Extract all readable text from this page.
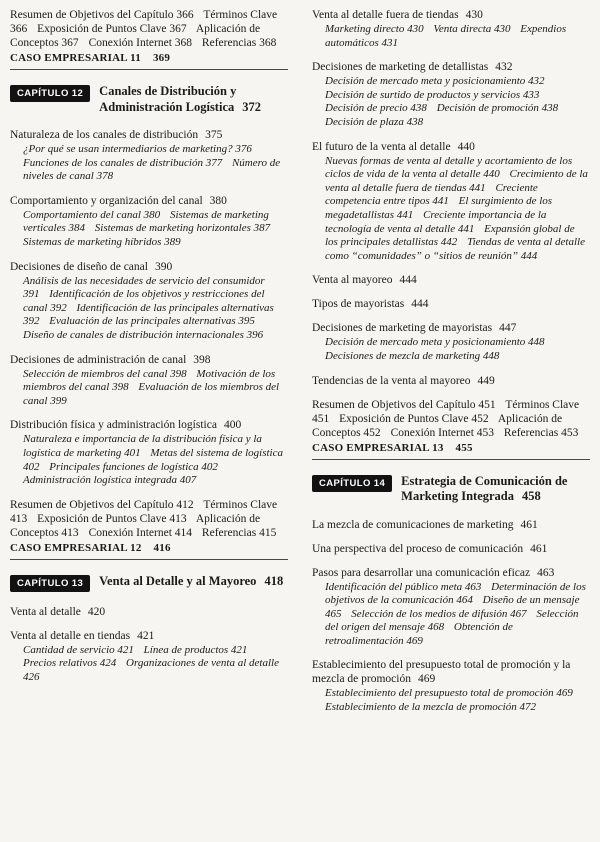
Resumen de Objetivos del Capítulo 366 Términos Clave 366 Exposición de Puntos Clave 367 Aplicación de Conceptos 367 Conexión Internet 368 Referencias 368

CASO EMPRESARIAL 11 369
CAPÍTULO 12	Canales de Distribución y Administración Logística 372
Naturaleza de los canales de distribución 375

¿Por qué se usan intermediarios de marketing? 376 Funciones de los canales de distribución 377 Número de niveles de canal 378

Comportamiento y organización del canal 380

Comportamiento del canal 380 Sistemas de marketing verticales 384 Sistemas de marketing horizontales 387 Sistemas de marketing híbridos 389

Decisiones de diseño de canal 390

Análisis de las necesidades de servicio del consumidor 391 Identificación de los objetivos y restricciones del canal 392 Identificación de las principales alternativas 392 Evaluación de las principales alternativas 395 Diseño de canales de distribución internacionales 396

Decisiones de administración de canal 398

Selección de miembros del canal 398 Motivación de los miembros del canal 398 Evaluación de los miembros del canal 399

Distribución física y administración logística 400

Naturaleza e importancia de la distribución física y la logística de marketing 401 Metas del sistema de logística 402 Principales funciones de logística 402 Administración logística integrada 407

Resumen de Objetivos del Capítulo 412 Términos Clave 413 Exposición de Puntos Clave 413 Aplicación de Conceptos 413 Conexión Internet 414 Referencias 415

CASO EMPRESARIAL 12 416
CAPÍTULO 13	Venta al Detalle y al Mayoreo 418
Venta al detalle 420
Venta al detalle en tiendas 421

Cantidad de servicio 421 Línea de productos 421 Precios relativos 424 Organizaciones de venta al detalle 426

Venta al detalle fuera de tiendas 430

Marketing directo 430 Venta directa 430 Expendios automáticos 431

Decisiones de marketing de detallistas 432

Decisión de mercado meta y posicionamiento 432 Decisión de surtido de productos y servicios 433 Decisión de precio 438 Decisión de promoción 438 Decisión de plaza 438

El futuro de la venta al detalle 440

Nuevas formas de venta al detalle y acortamiento de los ciclos de vida de la venta al detalle 440 Crecimiento de la venta al detalle fuera de tiendas 441 Creciente competencia entre tipos 441 El surgimiento de los megadetallistas 441 Creciente importancia de la tecnología de venta al detalle 441 Expansión global de los principales detallistas 442 Tiendas de venta al detalle como “comunidades” o “sitios de reunión” 444

Venta al mayoreo 444
Tipos de mayoristas 444
Decisiones de marketing de mayoristas 447

Decisión de mercado meta y posicionamiento 448 Decisiones de mezcla de marketing 448

Tendencias de la venta al mayoreo 449

Resumen de Objetivos del Capítulo 451 Términos Clave 451 Exposición de Puntos Clave 452 Aplicación de Conceptos 452 Conexión Internet 453 Referencias 453

CASO EMPRESARIAL 13 455
CAPÍTULO 14	Estrategia de Comunicación de Marketing Integrada 458
La mezcla de comunicaciones de marketing 461
Una perspectiva del proceso de comunicación 461
Pasos para desarrollar una comunicación eficaz 463

Identificación del público meta 463 Determinación de los objetivos de la comunicación 464 Diseño de un mensaje 465 Selección de los medios de difusión 467 Selección del origen del mensaje 468 Obtención de retroalimentación 469

Establecimiento del presupuesto total de promoción y la mezcla de promoción 469

Establecimiento del presupuesto total de promoción 469 Establecimiento de la mezcla de promoción 472
